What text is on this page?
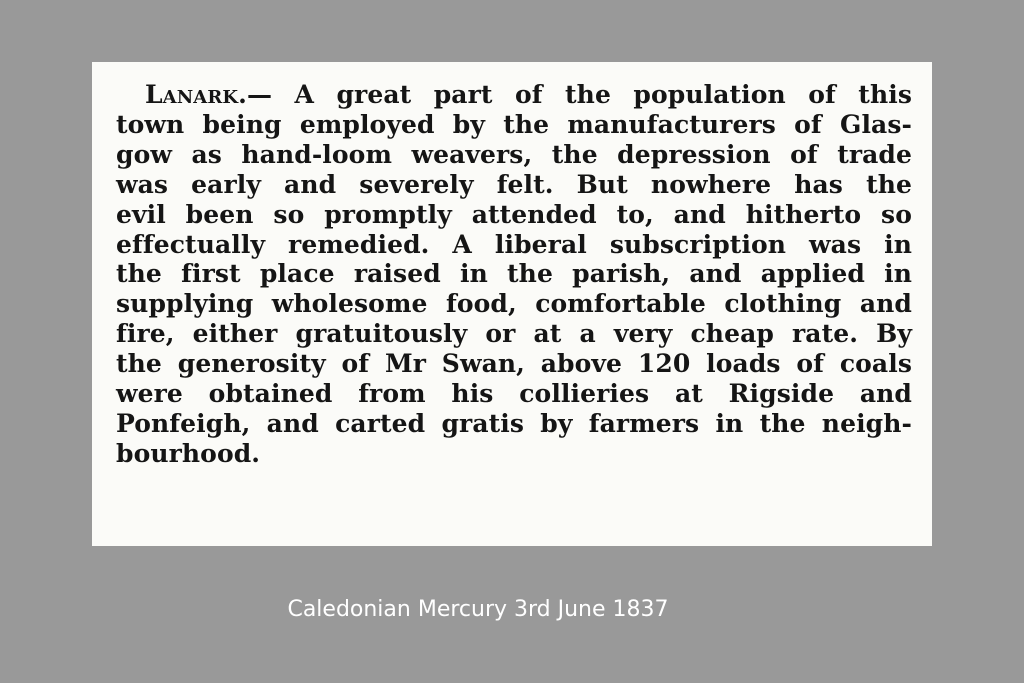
Lanark.— A great part of the population of this
town being employed by the manufacturers of Glas-
gow as hand-loom weavers, the depression of trade
was early and severely felt. But nowhere has the
evil been so promptly attended to, and hitherto so
effectually remedied. A liberal subscription was in
the first place raised in the parish, and applied in
supplying wholesome food, comfortable clothing and
fire, either gratuitously or at a very cheap rate. By
the generosity of Mr Swan, above 120 loads of coals
were obtained from his collieries at Rigside and
Ponfeigh, and carted gratis by farmers in the neigh-
bourhood.
Caledonian Mercury 3rd June 1837
